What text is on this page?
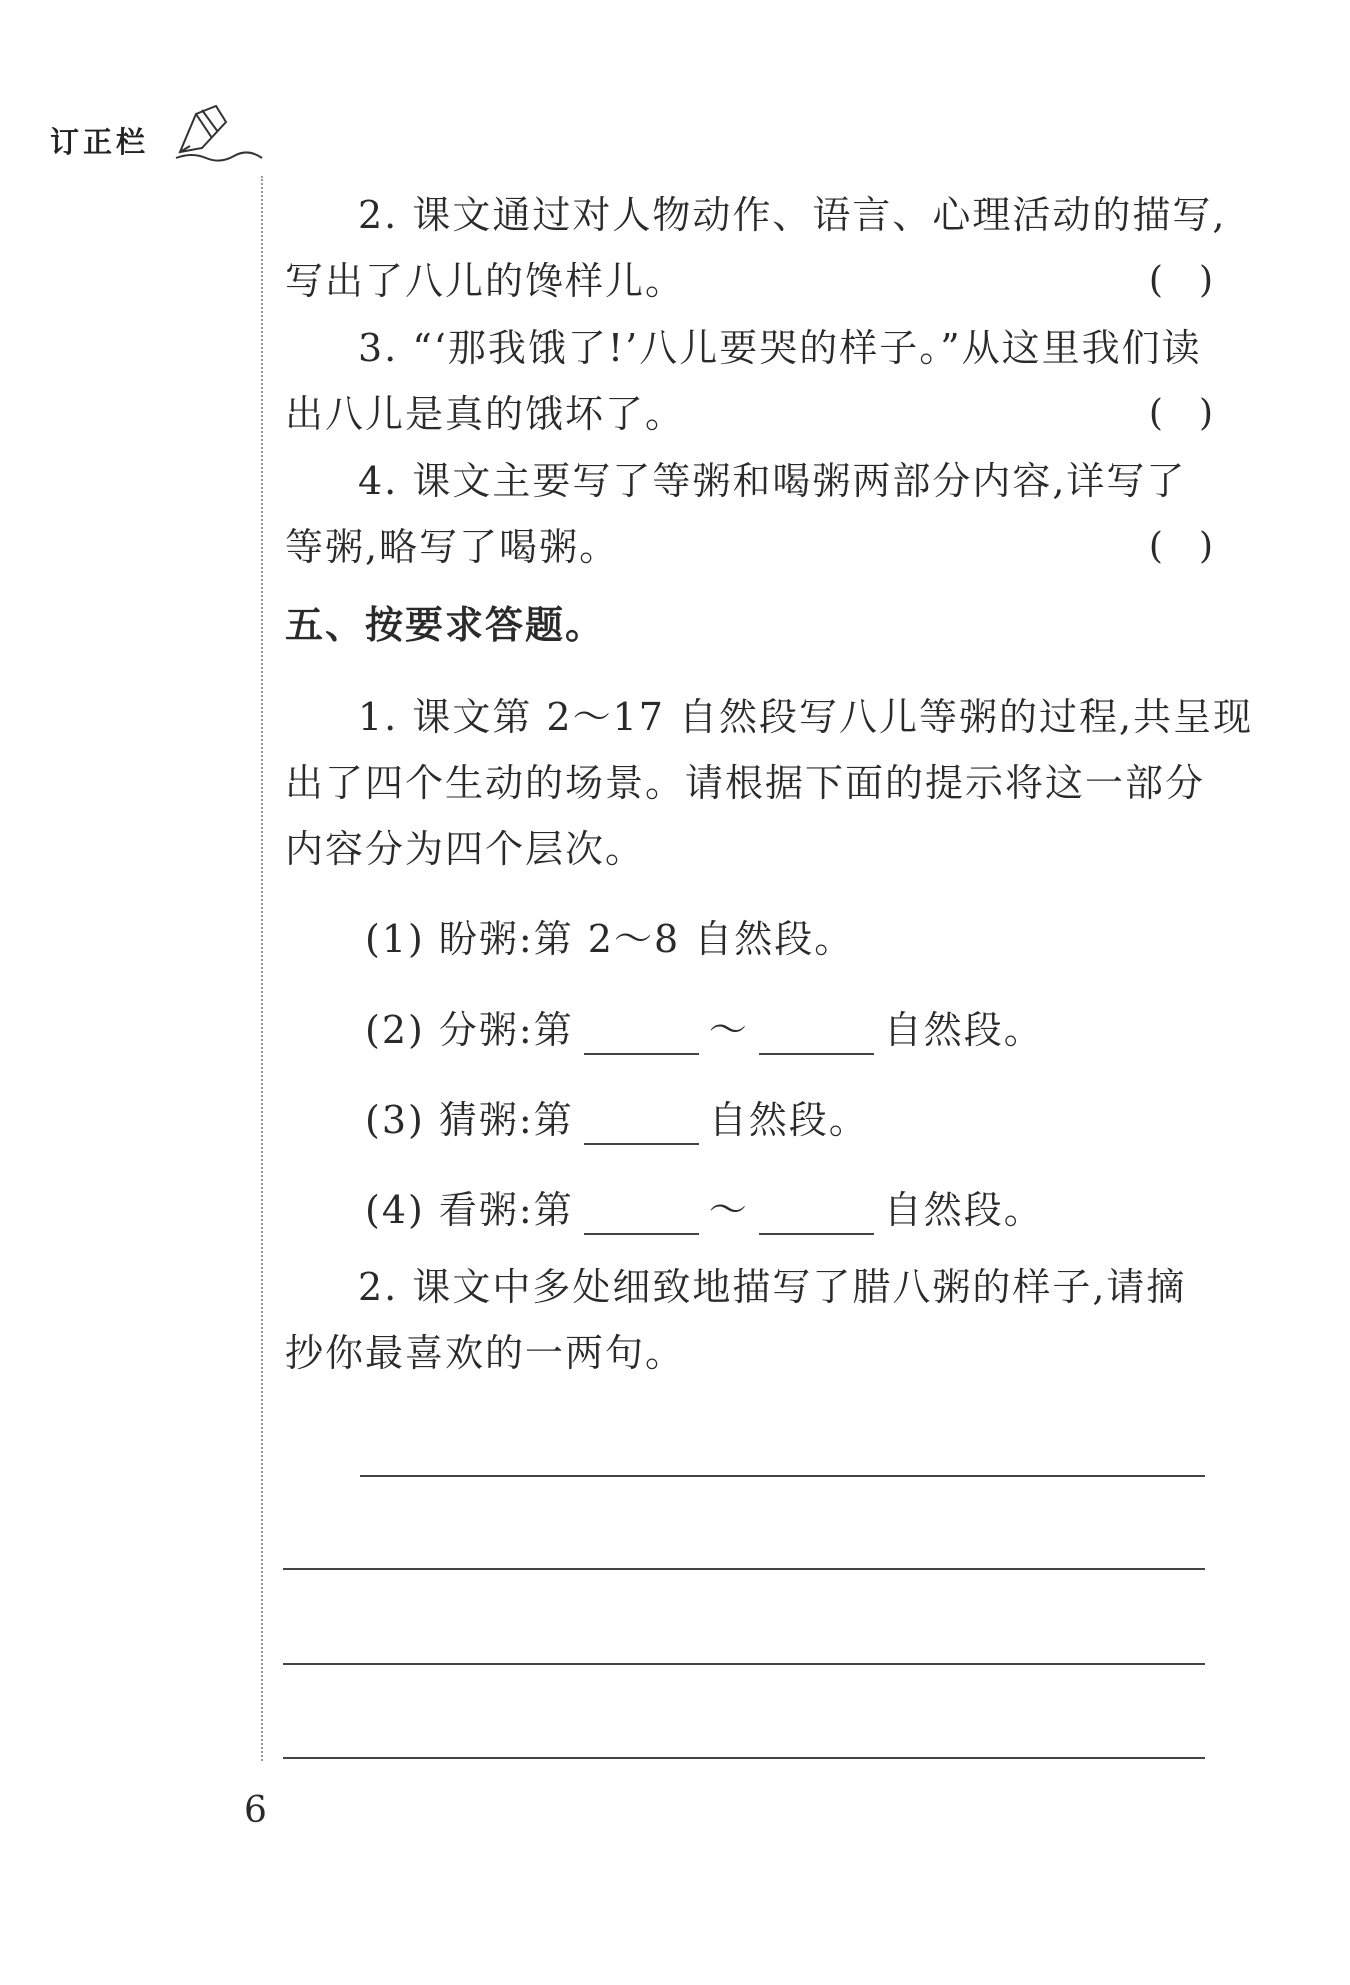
订正栏
2. 课文通过对人物动作、语言、心理活动的描写,
写出了八儿的馋样儿。	(　)
3. “‘那我饿了!’八儿要哭的样子。”从这里我们读
出八儿是真的饿坏了。	(　)
4. 课文主要写了等粥和喝粥两部分内容,详写了
等粥,略写了喝粥。	(　)
五、按要求答题。
1. 课文第 2～17 自然段写八儿等粥的过程,共呈现
出了四个生动的场景。请根据下面的提示将这一部分
内容分为四个层次。
(1) 盼粥:第 2～8 自然段。
(2) 分粥:第	～	自然段。
(3) 猜粥:第	自然段。
(4) 看粥:第	～	自然段。
2. 课文中多处细致地描写了腊八粥的样子,请摘
抄你最喜欢的一两句。
6
